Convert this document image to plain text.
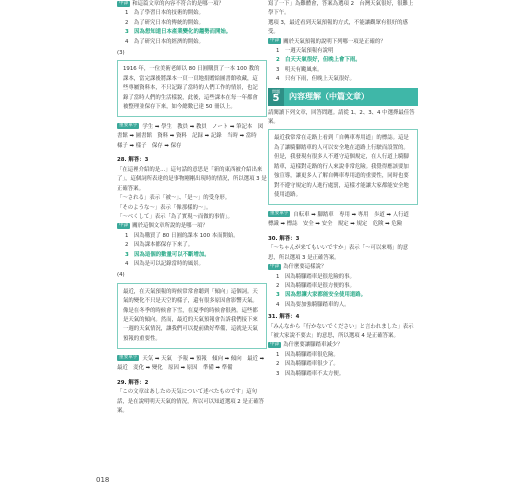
中譯 和這篇文章的內容不符合的是哪一項？

1　為了學習日本的技術的開始。

2　為了研究日本的傳統的開始。

3　因為想知道日本產業變化的趨勢而開始。

4　為了研究日本的經濟的開始。

(3)

1916 年，一位美術老師以 80 日圓購買了一本 100 教的課本，當完課後將課本一頁一頁地捐贈給圖書館收藏，這些專屬資料本，不只記錄了當時的人們工作的情景，也記錄了當時人們的生活樣貌，此後，這些課本在每一年都會被整理並保存下來，如今總數已達 50 冊以上。

重要單字 学生 ➡ 學生　教員 ➡ 教員　ノート ➡ 筆記本　図書館 ➡ 圖書館　資料 ➡ 資料　記録 ➡ 記錄　当時 ➡ 當時　様子 ➡ 樣子　保存 ➡ 保存

28. 解答：3

「在這裡介紹的是...」這句話的意思是「新的東西被介紹出來了」，這個詞所表達的是事物剛剛出現時的情況，所以選項 3 是正確答案。

「～される」表示「被～」、「是～」的受身形。

「そのような～」表示「像那樣的～」。

「～べくして」表示「為了實現～而做的事情」。

中譯 關於這個文章所說的是哪一項？

1　因為購買了 80 日圓的課本 100 本而開始。

2　因為課本都保存下來了。

3　因為這個的數量可以不斷增加。

4　因為是可以記錄當時的風景。

(4)

最近，在天氣預報的時候常常會聽到「傾向」這個詞。天氣的變化不只是天空的樣子，還有很多原因會影響天氣。像是在冬季的時候會下雪，在夏季的時候會很熱。這些都是天氣的傾向。然而，最近的天氣預報會告訴我們接下來一週的天氣情況，讓我們可以提前做好準備，這就是天氣預報的重要性。

重要單字 天気 ➡ 天氣　予報 ➡ 預報　傾向 ➡ 傾向　最近 ➡ 最近　変化 ➡ 變化　原因 ➡ 原因　準備 ➡ 準備

29. 解答：2

「この文章はあしたの天気について述べたものです」這句話，是在說明明天天氣的情況，所以可以知道選項 2 是正確答案。

寫了一下」為難體會，答案為選項 2　台灣天氣很好，很難上學下午。

選項 3，最近看到天氣預報的方式，不能讓觀眾有很好的感受。

中譯 關於天氣預報的說明下列哪一項是正確的？

1　一週天氣預報有說明

2　白天天氣很好，但晚上會下雨。

3　明天有颱風來。

4　只有下雨，但晚上天氣很好。

問題
5	內容理解（中篇文章）

請閱讀下列文章，回答問題。請從 1、2、3、4 中選擇最佳答案。

最近我常常在走路上看到「自轉車專用道」的標誌。這是為了讓騎腳踏車的人可以安全地在道路上行駛而設置的。但是，我發現有很多人不遵守這個規定，在人行道上騎腳踏車，這樣對走路的行人來說非常危險。我覺得應該要加強宣導，讓更多人了解自轉車專用道的重要性，同時也要對不遵守規定的人進行處罰，這樣才能讓大家都能安全地使用道路。

重要單字 自転車 ➡ 腳踏車　専用 ➡ 專用　歩道 ➡ 人行道　標識 ➡ 標誌　安全 ➡ 安全　規定 ➡ 規定　危険 ➡ 危險

30. 解答：3

「～ちゃんが来てもいいですか」表示「～可以來嗎」的意思，所以選項 3 是正確答案。

中譯 為什麼要這樣說？

1　因為騎腳踏車是很危險的事。

2　因為騎腳踏車是很方便的事。

3　因為想讓大家都能安全使用道路。

4　因為要加強騎腳踏車的人。

31. 解答：4

「みんなから「行かないでください」と言われました」表示「被大家說不要去」的意思，所以選項 4 是正確答案。

中譯 為什麼要讓腳踏車減少？

1　因為騎腳踏車很危險。

2　因為騎腳踏車很少了。

3　因為騎腳踏車不太方便。

018
